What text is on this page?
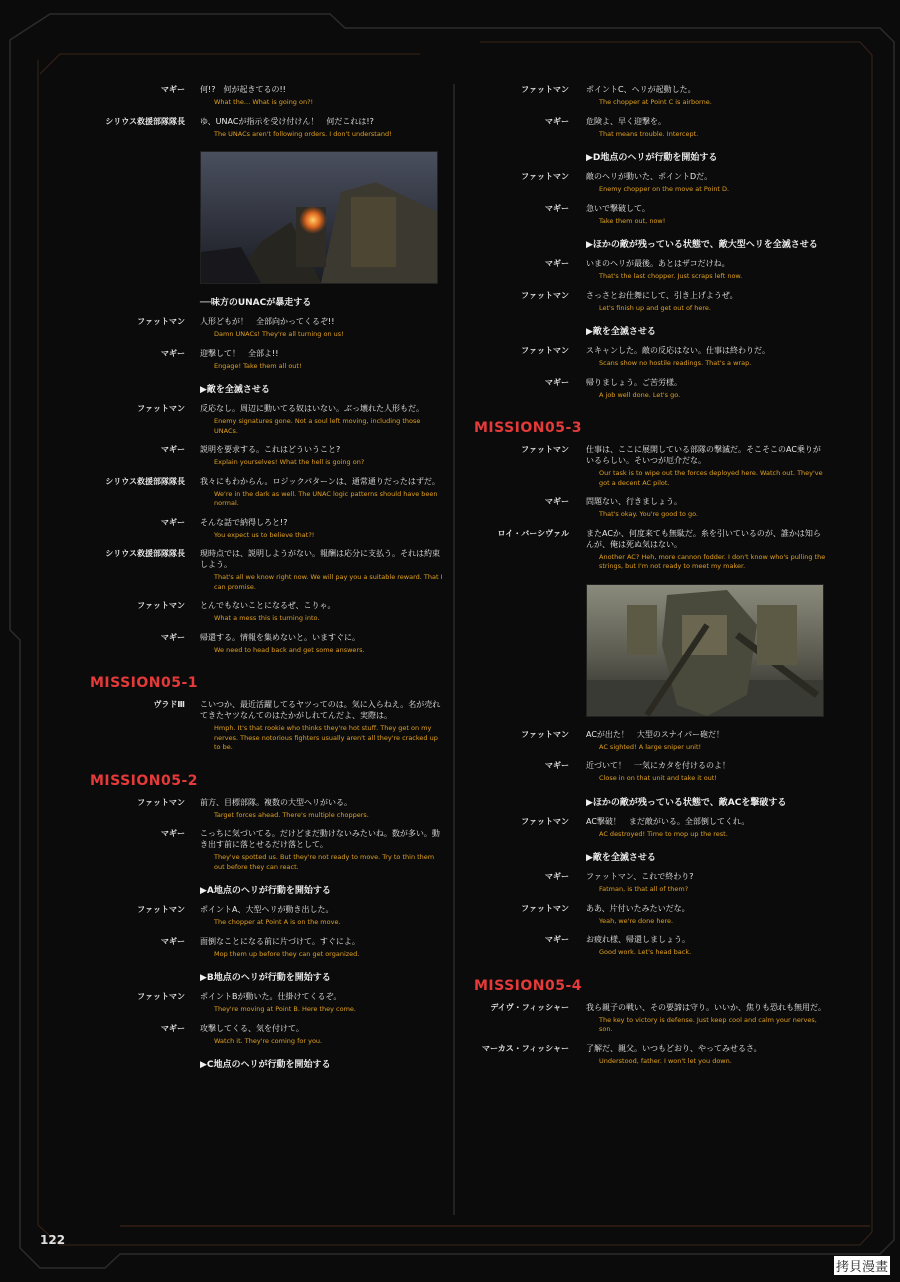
マギー 何!?　何が起きてるの!!
What the… What is going on?!
シリウス救援部隊隊長 ゆ、UNACが指示を受け付けん！　何だこれは!?
The UNACs aren't following orders. I don't understand!
──味方のUNACが暴走する
ファットマン 人形どもが！　全部向かってくるぞ!!
Damn UNACs! They're all turning on us!
マギー 迎撃して！　全部よ!!
Engage! Take them all out!
▶敵を全滅させる
ファットマン 反応なし。周辺に動いてる奴はいない。ぶっ壊れた人形もだ。
Enemy signatures gone. Not a soul left moving, including those UNACs.
マギー 説明を要求する。これはどういうこと?
Explain yourselves! What the hell is going on?
シリウス救援部隊隊長 我々にもわからん。ロジックパターンは、通常通りだったはずだ。
We're in the dark as well. The UNAC logic patterns should have been normal.
マギー そんな話で納得しろと!?
You expect us to believe that?!
シリウス救援部隊隊長 現時点では、説明しようがない。報酬は応分に支払う。それは約束しよう。
That's all we know right now. We will pay you a suitable reward. That I can promise.
ファットマン とんでもないことになるぜ、こりゃ。
What a mess this is turning into.
マギー 帰還する。情報を集めないと。いますぐに。
We need to head back and get some answers.
MISSION05-1
ヴラドⅢ こいつか、最近活躍してるヤツってのは。気に入らねえ。名が売れてきたヤツなんてのはたかがしれてんだよ、実際は。
Hmph. It's that rookie who thinks they're hot stuff. They get on my nerves. These notorious fighters usually aren't all they're cracked up to be.
MISSION05-2
ファットマン 前方、目標部隊。複数の大型ヘリがいる。
Target forces ahead. There's multiple choppers.
マギー こっちに気づいてる。だけどまだ動けないみたいね。数が多い。動き出す前に落とせるだけ落として。
They've spotted us. But they're not ready to move. Try to thin them out before they can react.
▶A地点のヘリが行動を開始する
ファットマン ポイントA、大型ヘリが動き出した。
The chopper at Point A is on the move.
マギー 面倒なことになる前に片づけて。すぐによ。
Mop them up before they can get organized.
▶B地点のヘリが行動を開始する
ファットマン ポイントBが動いた。仕掛けてくるぞ。
They're moving at Point B. Here they come.
マギー 攻撃してくる、気を付けて。
Watch it. They're coming for you.
▶C地点のヘリが行動を開始する
ファットマン ポイントC、ヘリが起動した。
The chopper at Point C is airborne.
マギー 危険よ、早く迎撃を。
That means trouble. Intercept.
▶D地点のヘリが行動を開始する
ファットマン 敵のヘリが動いた、ポイントDだ。
Enemy chopper on the move at Point D.
マギー 急いで撃破して。
Take them out, now!
▶ほかの敵が残っている状態で、敵大型ヘリを全滅させる
マギー いまのヘリが最後。あとはザコだけね。
That's the last chopper. Just scraps left now.
ファットマン さっさとお仕舞にして、引き上げようぜ。
Let's finish up and get out of here.
▶敵を全滅させる
ファットマン スキャンした。敵の反応はない。仕事は終わりだ。
Scans show no hostile readings. That's a wrap.
マギー 帰りましょう。ご苦労様。
A job well done. Let's go.
MISSION05-3
ファットマン 仕事は、ここに展開している部隊の撃滅だ。そこそこのAC乗りがいるらしい。そいつが厄介だな。
Our task is to wipe out the forces deployed here. Watch out. They've got a decent AC pilot.
マギー 問題ない、行きましょう。
That's okay. You're good to go.
ロイ・バーシヴァル またACか、何度来ても無駄だ。糸を引いているのが、誰かは知らんが、俺は死ぬ気はない。
Another AC? Heh, more cannon fodder. I don't know who's pulling the strings, but I'm not ready to meet my maker.
ファットマン ACが出た！　大型のスナイパー砲だ！
AC sighted! A large sniper unit!
マギー 近づいて！　一気にカタを付けるのよ！
Close in on that unit and take it out!
▶ほかの敵が残っている状態で、敵ACを撃破する
ファットマン AC撃破！　まだ敵がいる。全部倒してくれ。
AC destroyed! Time to mop up the rest.
▶敵を全滅させる
マギー ファットマン、これで終わり?
Fatman, is that all of them?
ファットマン ああ、片付いたみたいだな。
Yeah, we're done here.
マギー お疲れ様、帰還しましょう。
Good work. Let's head back.
MISSION05-4
デイヴ・フィッシャー 我ら親子の戦い、その要諦は守り。いいか、焦りも恐れも無用だ。
The key to victory is defense. Just keep cool and calm your nerves, son.
マーカス・フィッシャー 了解だ、親父。いつもどおり、やってみせるさ。
Understood, father. I won't let you down.
122
拷貝漫畫
